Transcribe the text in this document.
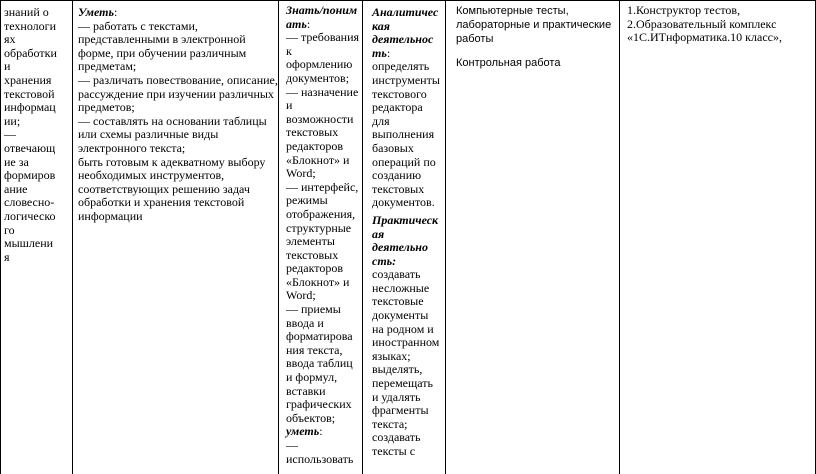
знаний о
технологи
ях
обработки
и
хранения
текстовой
информац
ии;
—
отвечающ
ие за
формиров
ание
словесно-
логическо
го
мышлени
я
Уметь:
— работать с текстами,
представленными в электронной
форме, при обучении различным
предметам;
— различать повествование, описание,
рассуждение при изучении различных
предметов;
— составлять на основании таблицы
или схемы различные виды
электронного текста;
быть готовым к адекватному выбору
необходимых инструментов,
соответствующих решению задач
обработки и хранения текстовой
информации
Знать/поним
ать:
— требования
к
оформлению
документов;
— назначение
и
возможности
текстовых
редакторов
«Блокнот» и
Word;
— интерфейс,
режимы
отображения,
структурные
элементы
текстовых
редакторов
«Блокнот» и
Word;
— приемы
ввода и
форматирова
ния текста,
ввода таблиц
и формул,
вставки
графических
объектов;
уметь:
—
использовать
Аналитичес
кая
деятельнос
ть:
определять
инструменты
текстового
редактора
для
выполнения
базовых
операций по
созданию
текстовых
документов.
Практическ
ая
деятельно
сть:
создавать
несложные
текстовые
документы
на родном и
иностранном
языках;
выделять,
перемещать
и удалять
фрагменты
текста;
создавать
тексты с
Компьютерные тесты,
лабораторные и практические
работы
Контрольная работа
1.Конструктор тестов,
2.Образовательный комплекс
«1С.ИТнформатика.10 класс»,
